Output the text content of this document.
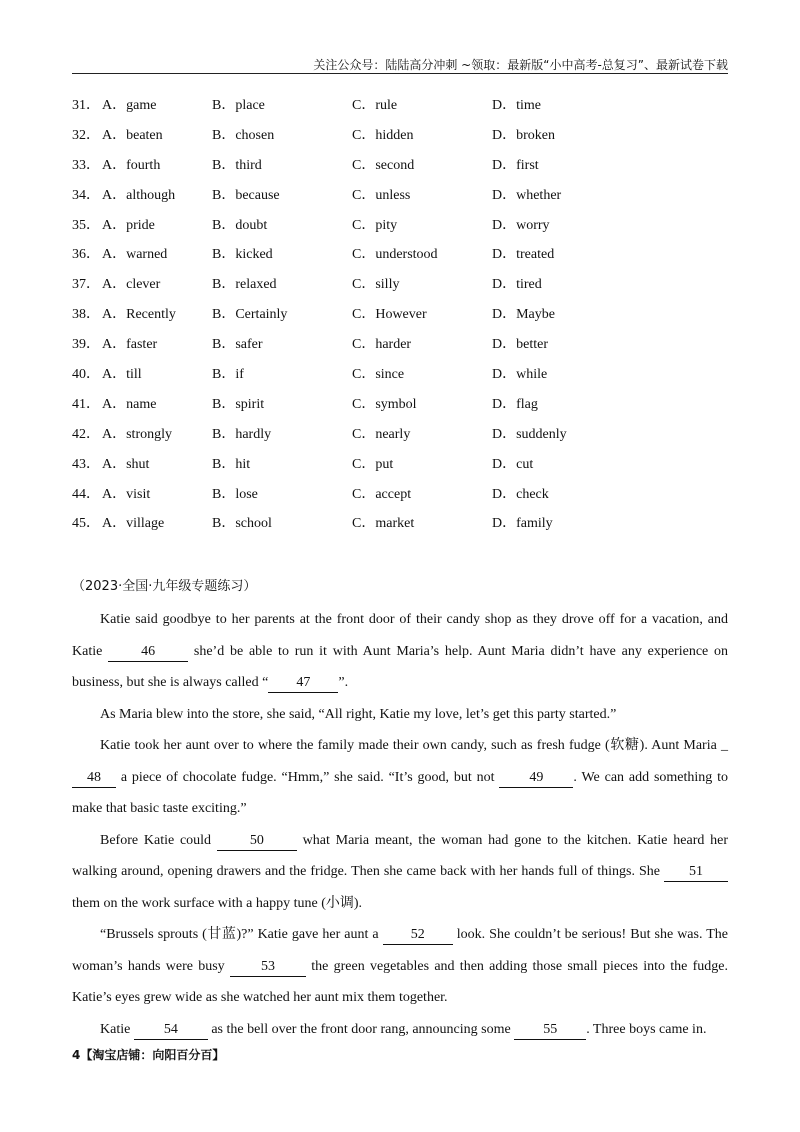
关注公众号：陆陆高分冲刺 ~领取：最新版“小中高考-总复习”、最新试卷下载
31． A．game	B．place	C．rule	D．time
32． A．beaten	B．chosen	C．hidden	D．broken
33． A．fourth	B．third	C．second	D．first
34． A．although	B．because	C．unless	D．whether
35． A．pride	B．doubt	C．pity	D．worry
36． A．warned	B．kicked	C．understood	D．treated
37． A．clever	B．relaxed	C．silly	D．tired
38． A．Recently	B．Certainly	C．However	D．Maybe
39． A．faster	B．safer	C．harder	D．better
40． A．till	B．if	C．since	D．while
41． A．name	B．spirit	C．symbol	D．flag
42． A．strongly	B．hardly	C．nearly	D．suddenly
43． A．shut	B．hit	C．put	D．cut
44． A．visit	B．lose	C．accept	D．check
45． A．village	B．school	C．market	D．family
（2023·全国·九年级专题练习）

Katie said goodbye to her parents at the front door of their candy shop as they drove off for a vacation, and Katie	46	she’d be able to run it with Aunt Maria’s help. Aunt Maria didn’t have any experience on business, but she is always called “ 47 ”.

As Maria blew into the store, she said, “All right, Katie my love, let’s get this party started.”

Katie took her aunt over to where the family made their own candy, such as fresh fudge (软糖). Aunt Maria _ 48 a piece of chocolate fudge. “Hmm,” she said. “It’s good, but not 49 . We can add something to make that basic taste exciting.”

Before Katie could	50	what Maria meant, the woman had gone to the kitchen. Katie heard her walking around, opening drawers and the fridge. Then she came back with her hands full of things. She 51 them on the work surface with a happy tune (小调).

“Brussels sprouts (甘蓝)?” Katie gave her aunt a 52 look. She couldn’t be serious! But she was. The woman’s hands were busy	53	the green vegetables and then adding those small pieces into the fudge. Katie’s eyes grew wide as she watched her aunt mix them together.

Katie 54 as the bell over the front door rang, announcing some 55 . Three boys came in.

4【淘宝店铺：向阳百分百】
